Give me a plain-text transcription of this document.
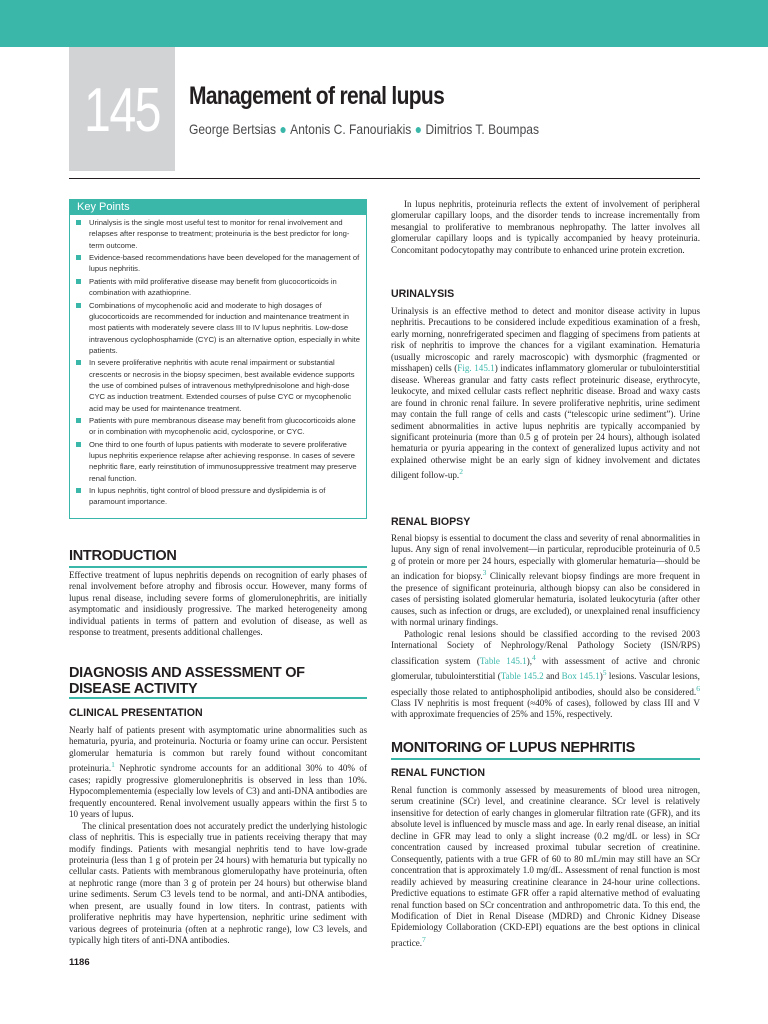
145 Management of renal lupus
George Bertsias ● Antonis C. Fanouriakis ● Dimitrios T. Boumpas
Key Points
Urinalysis is the single most useful test to monitor for renal involvement and relapses after response to treatment; proteinuria is the best predictor for long-term outcome.
Evidence-based recommendations have been developed for the management of lupus nephritis.
Patients with mild proliferative disease may benefit from glucocorticoids in combination with azathioprine.
Combinations of mycophenolic acid and moderate to high dosages of glucocorticoids are recommended for induction and maintenance treatment in most patients with moderately severe class III to IV lupus nephritis. Low-dose intravenous cyclophosphamide (CYC) is an alternative option, especially in white patients.
In severe proliferative nephritis with acute renal impairment or substantial crescents or necrosis in the biopsy specimen, best available evidence supports the use of combined pulses of intravenous methylprednisolone and high-dose CYC as induction treatment. Extended courses of pulse CYC or mycophenolic acid may be used for maintenance treatment.
Patients with pure membranous disease may benefit from glucocorticoids alone or in combination with mycophenolic acid, cyclosporine, or CYC.
One third to one fourth of lupus patients with moderate to severe proliferative lupus nephritis experience relapse after achieving response. In cases of severe nephritic flare, early reinstitution of immunosuppressive treatment may preserve renal function.
In lupus nephritis, tight control of blood pressure and dyslipidemia is of paramount importance.
INTRODUCTION

Effective treatment of lupus nephritis depends on recognition of early phases of renal involvement before atrophy and fibrosis occur. However, many forms of lupus renal disease, including severe forms of glomerulonephritis, are initially asymptomatic and insidiously progressive. The marked heterogeneity among individual patients in terms of pattern and evolution of disease, as well as response to treatment, presents additional challenges.

DIAGNOSIS AND ASSESSMENT OF
DISEASE ACTIVITY
CLINICAL PRESENTATION

Nearly half of patients present with asymptomatic urine abnormalities such as hematuria, pyuria, and proteinuria. Nocturia or foamy urine can occur. Persistent glomerular hematuria is common but rarely found without concomitant proteinuria.$^1$ Nephrotic syndrome accounts for an additional 30% to 40% of cases; rapidly progressive glomerulonephritis is observed in less than 10%. Hypocomplementemia (especially low levels of C3) and anti-DNA antibodies are frequently encountered. Renal involvement usually appears within the first 5 to 10 years of lupus.

The clinical presentation does not accurately predict the underlying histologic class of nephritis. This is especially true in patients receiving therapy that may modify findings. Patients with mesangial nephritis tend to have low-grade proteinuria (less than 1 g of protein per 24 hours) with hematuria but typically no cellular casts. Patients with membranous glomerulopathy have proteinuria, often at nephrotic range (more than 3 g of protein per 24 hours) but otherwise bland urine sediments. Serum C3 levels tend to be normal, and anti-DNA antibodies, when present, are usually found in low titers. In contrast, patients with proliferative nephritis may have hypertension, nephritic urine sediment with various degrees of proteinuria (often at a nephrotic range), low C3 levels, and typically high titers of anti-DNA antibodies.

In lupus nephritis, proteinuria reflects the extent of involvement of peripheral glomerular capillary loops, and the disorder tends to increase incrementally from mesangial to proliferative to membranous nephropathy. The latter involves all glomerular capillary loops and is typically accompanied by heavy proteinuria. Concomitant podocytopathy may contribute to enhanced urine protein excretion.

URINALYSIS

Urinalysis is an effective method to detect and monitor disease activity in lupus nephritis. Precautions to be considered include expeditious examination of a fresh, early morning, nonrefrigerated specimen and flagging of specimens from patients at risk of nephritis to improve the chances for a vigilant examination. Hematuria (usually microscopic and rarely macroscopic) with dysmorphic (fragmented or misshapen) cells (Fig. 145.1) indicates inflammatory glomerular or tubulointerstitial disease. Whereas granular and fatty casts reflect proteinuric disease, erythrocyte, leukocyte, and mixed cellular casts reflect nephritic disease. Broad and waxy casts are found in chronic renal failure. In severe proliferative nephritis, urine sediment may contain the full range of cells and casts (“telescopic urine sediment”). Urine sediment abnormalities in active lupus nephritis are typically accompanied by significant proteinuria (more than 0.5 g of protein per 24 hours), although isolated hematuria or pyuria appearing in the context of generalized lupus activity and not explained otherwise might be an early sign of kidney involvement and dictates diligent follow-up.$^2$

RENAL BIOPSY

Renal biopsy is essential to document the class and severity of renal abnormalities in lupus. Any sign of renal involvement—in particular, reproducible proteinuria of 0.5 g of protein or more per 24 hours, especially with glomerular hematuria—should be an indication for biopsy.$^3$ Clinically relevant biopsy findings are more frequent in the presence of significant proteinuria, although biopsy can also be considered in cases of persisting isolated glomerular hematuria, isolated leukocyturia (after other causes, such as infection or drugs, are excluded), or unexplained renal insufficiency with normal urinary findings.

Pathologic renal lesions should be classified according to the revised 2003 International Society of Nephrology/Renal Pathology Society (ISN/RPS) classification system (Table 145.1),$^4$ with assessment of active and chronic glomerular, tubulointerstitial (Table 145.2 and Box 145.1)$^5$ lesions. Vascular lesions, especially those related to antiphospholipid antibodies, should also be considered.$^6$ Class IV nephritis is most frequent (≈40% of cases), followed by class III and V with approximate frequencies of 25% and 15%, respectively.

MONITORING OF LUPUS NEPHRITIS
RENAL FUNCTION

Renal function is commonly assessed by measurements of blood urea nitrogen, serum creatinine (SCr) level, and creatinine clearance. SCr level is relatively insensitive for detection of early changes in glomerular filtration rate (GFR), and its absolute level is influenced by muscle mass and age. In early renal disease, an initial decline in GFR may lead to only a slight increase (0.2 mg/dL or less) in SCr concentration caused by increased proximal tubular secretion of creatinine. Consequently, patients with a true GFR of 60 to 80 mL/min may still have an SCr concentration that is approximately 1.0 mg/dL. Assessment of renal function is most readily achieved by measuring creatinine clearance in 24-hour urine collections. Predictive equations to estimate GFR offer a rapid alternative method of evaluating renal function based on SCr concentration and anthropometric data. To this end, the Modification of Diet in Renal Disease (MDRD) and Chronic Kidney Disease Epidemiology Collaboration (CKD-EPI) equations are the best options in clinical practice.$^7$

1186
